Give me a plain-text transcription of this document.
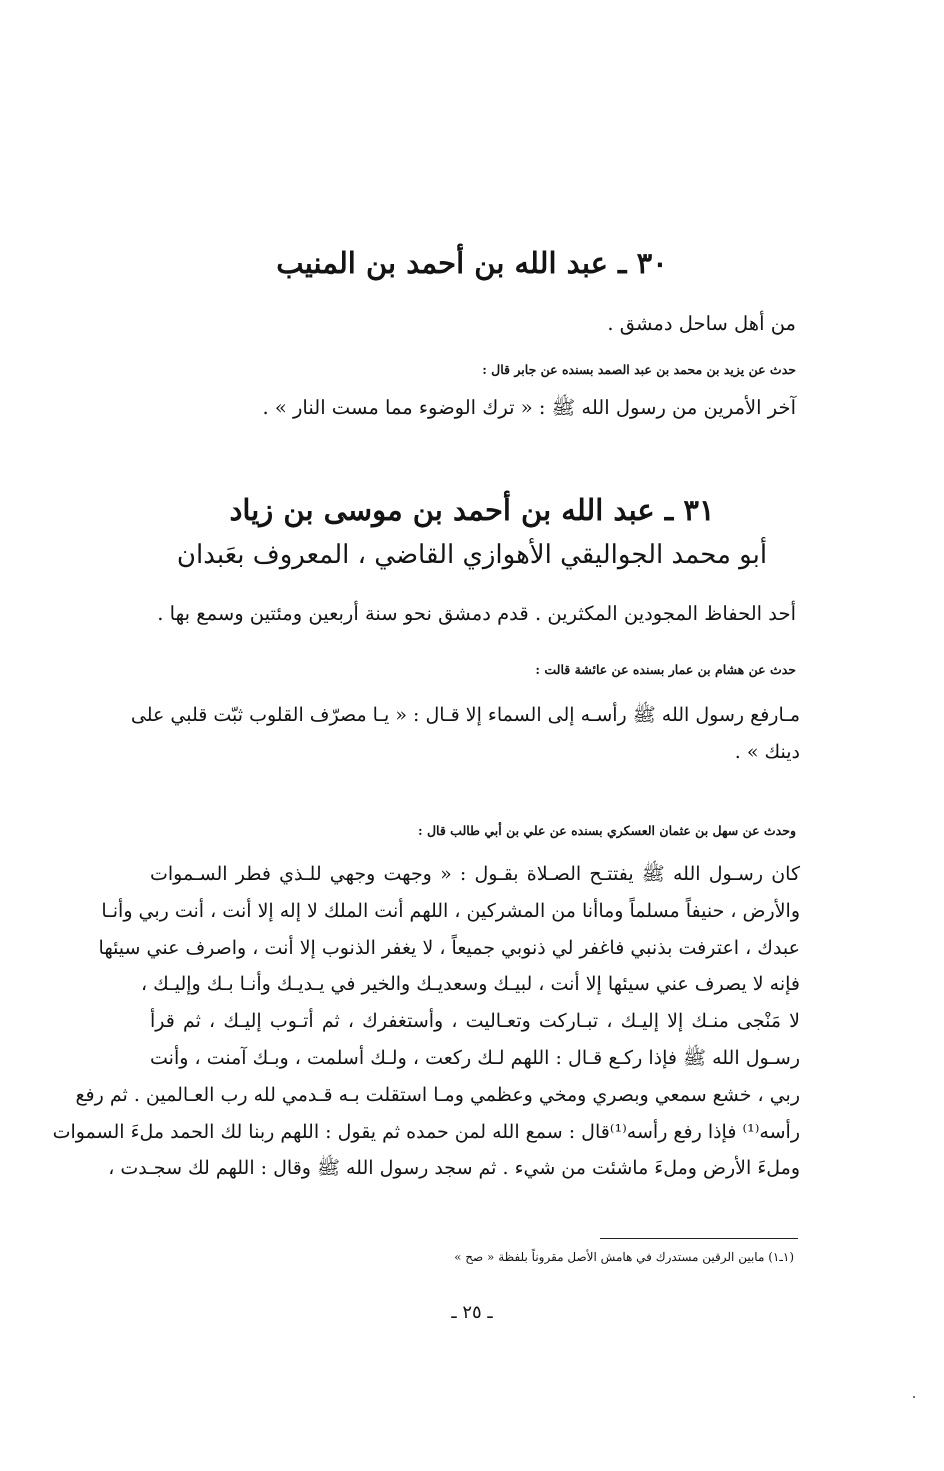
٣٠ ـ عبد الله بن أحمد بن المنيب

من أهل ساحل دمشق .

حدث عن يزيد بن محمد بن عبد الصمد بسنده عن جابر قال :

آخر الأمرين من رسول الله ﷺ : « ترك الوضوء مما مست النار » .

٣١ ـ عبد الله بن أحمد بن موسى بن زياد

أبو محمد الجواليقي الأهوازي القاضي ، المعروف بعَبدان

أحد الحفاظ المجودين المكثرين . قدم دمشق نحو سنة أربعين ومئتين وسمع بها .

حدث عن هشام بن عمار بسنده عن عائشة قالت :

مـارفع رسول الله ﷺ رأسـه إلى السماء إلا قـال : « يـا مصرّف القلوب ثبّت قلبي على
دينك » .

وحدث عن سهل بن عثمان العسكري بسنده عن علي بن أبي طالب قال :

كان رسـول الله ﷺ يفتتـح الصـلاة بقـول : « وجهت وجهي للـذي فطر السـموات
والأرض ، حنيفاً مسلماً وماأنا من المشركين ، اللهم أنت الملك لا إله إلا أنت ، أنت ربي وأنـا
عبدك ، اعترفت بذنبي فاغفر لي ذنوبي جميعاً ، لا يغفر الذنوب إلا أنت ، واصرف عني سيئها
فإنه لا يصرف عني سيئها إلا أنت ، لبيـك وسعديـك والخير في يـديـك وأنـا بـك وإليـك ،
لا مَنْجى منـك إلا إليـك ، تبـاركت وتعـاليت ، وأستغفرك ، ثم أتـوب إليـك ، ثم قرأ
رسـول الله ﷺ فإذا ركـع قـال : اللهم لـك ركعت ، ولـك أسلمت ، وبـك آمنت ، وأنت
ربي ، خشع سمعي وبصري ومخي وعظمي ومـا استقلت بـه قـدمي لله رب العـالمين . ثم رفع
رأسه⁽¹⁾ فإذا رفع رأسه⁽¹⁾قال : سمع الله لمن حمده ثم يقول : اللهم ربنا لك الحمد ملءَ السموات
وملءَ الأرض وملءَ ماشئت من شيء . ثم سجد رسول الله ﷺ وقال : اللهم لك سجـدت ،

(١ـ١) مابين الرقين مستدرك في هامش الأصل مقروناً بلفظة « صح »

ـ ٢٥ ـ
